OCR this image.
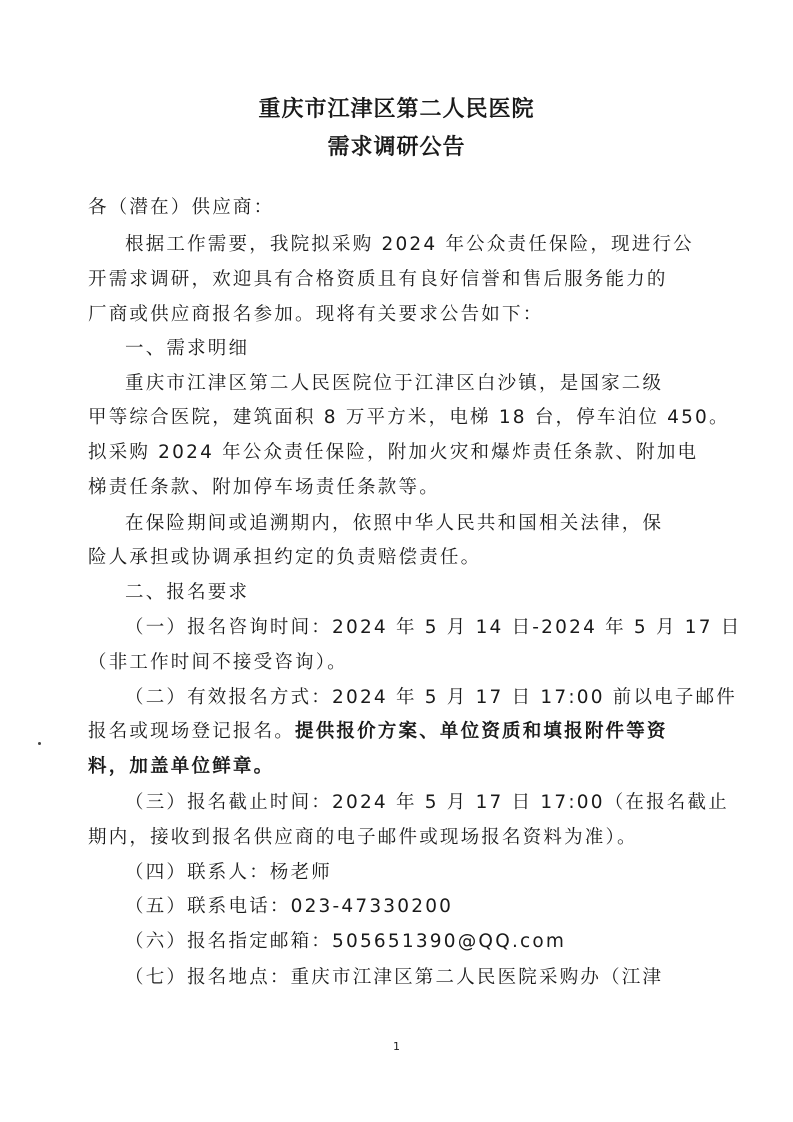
重庆市江津区第二人民医院
需求调研公告
各（潜在）供应商：
根据工作需要，我院拟采购 2024 年公众责任保险，现进行公
开需求调研，欢迎具有合格资质且有良好信誉和售后服务能力的
厂商或供应商报名参加。现将有关要求公告如下：
一、需求明细
重庆市江津区第二人民医院位于江津区白沙镇，是国家二级
甲等综合医院，建筑面积 8 万平方米，电梯 18 台，停车泊位 450。
拟采购 2024 年公众责任保险，附加火灾和爆炸责任条款、附加电
梯责任条款、附加停车场责任条款等。
在保险期间或追溯期内，依照中华人民共和国相关法律，保
险人承担或协调承担约定的负责赔偿责任。
二、报名要求
（一）报名咨询时间：2024 年 5 月 14 日-2024 年 5 月 17 日
（非工作时间不接受咨询）。
（二）有效报名方式：2024 年 5 月 17 日 17:00 前以电子邮件
报名或现场登记报名。提供报价方案、单位资质和填报附件等资
料，加盖单位鲜章。
（三）报名截止时间：2024 年 5 月 17 日 17:00（在报名截止
期内，接收到报名供应商的电子邮件或现场报名资料为准）。
（四）联系人：杨老师
（五）联系电话：023-47330200
（六）报名指定邮箱：505651390@QQ.com
（七）报名地点：重庆市江津区第二人民医院采购办（江津
1
